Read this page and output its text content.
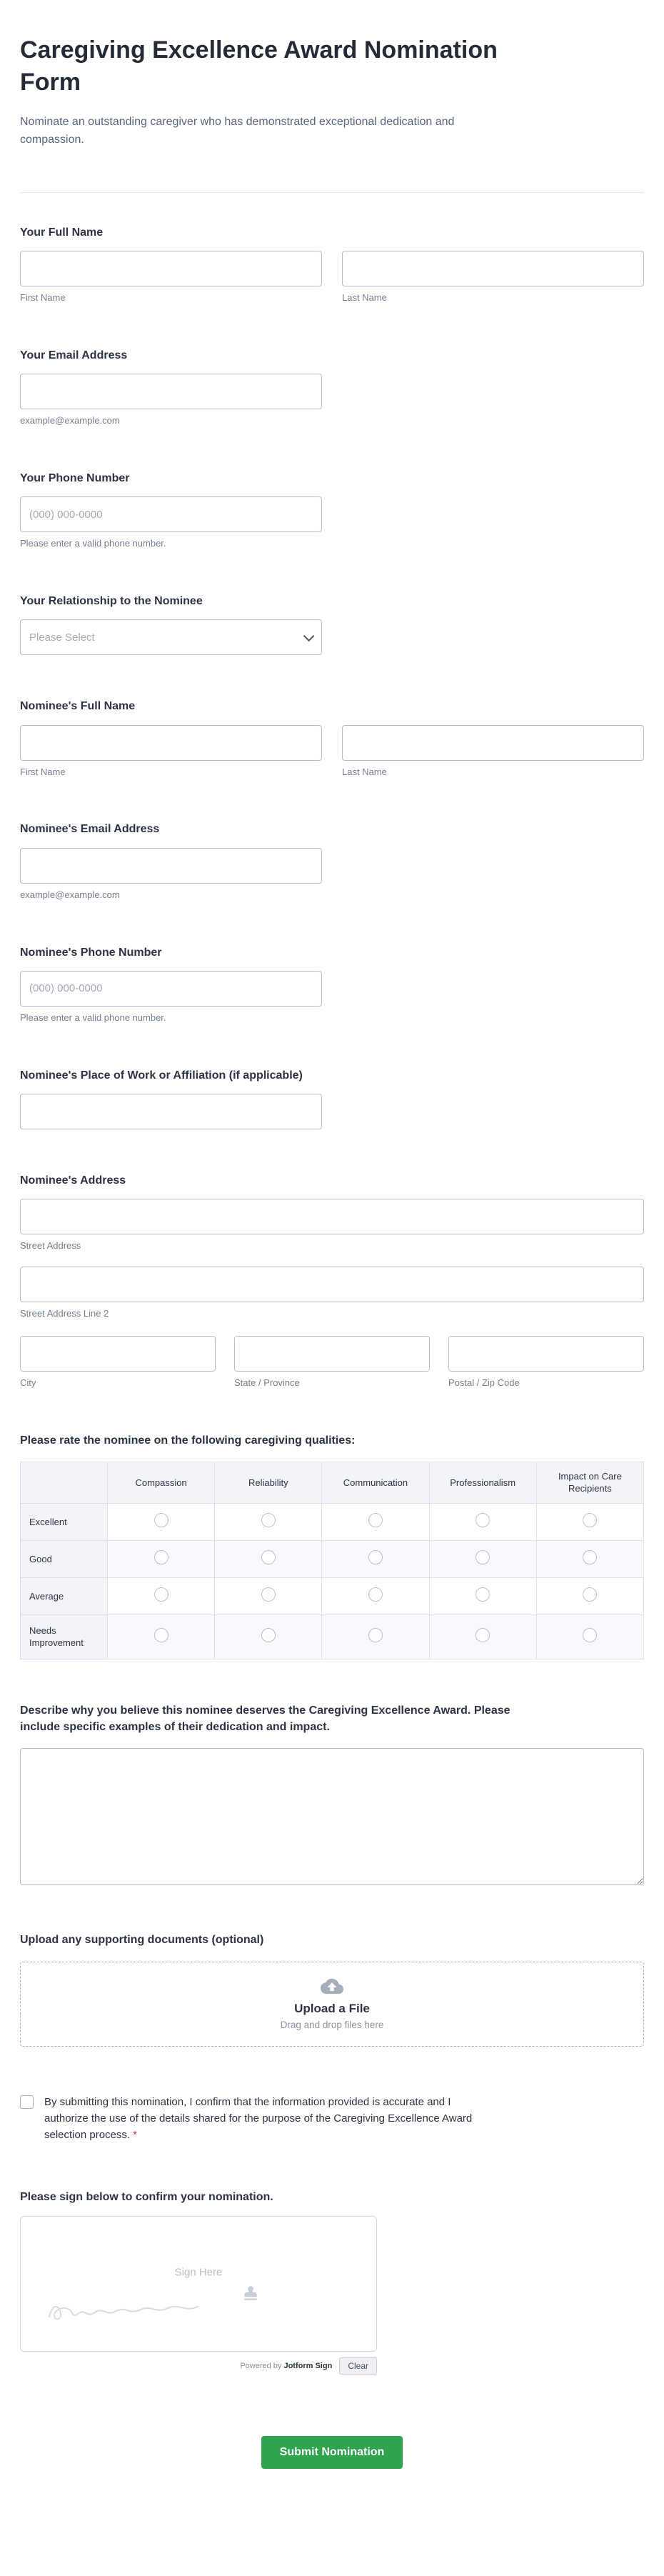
Caregiving Excellence Award Nomination Form
Nominate an outstanding caregiver who has demonstrated exceptional dedication and compassion.
Your Full Name
First Name	Last Name
Your Email Address
example@example.com
Your Phone Number
(000) 000-0000
Please enter a valid phone number.
Your Relationship to the Nominee
Please Select
Nominee's Full Name
First Name	Last Name
Nominee's Email Address
example@example.com
Nominee's Phone Number
(000) 000-0000
Please enter a valid phone number.
Nominee's Place of Work or Affiliation (if applicable)
Nominee's Address
Street Address
Street Address Line 2
City	State / Province	Postal / Zip Code
Please rate the nominee on the following caregiving qualities:
	Compassion	Reliability	Communication	Professionalism	Impact on Care Recipients
Excellent					
Good					
Average					
Needs Improvement					
Describe why you believe this nominee deserves the Caregiving Excellence Award. Please include specific examples of their dedication and impact.
Upload any supporting documents (optional)
Upload a File
Drag and drop files here
By submitting this nomination, I confirm that the information provided is accurate and I authorize the use of the details shared for the purpose of the Caregiving Excellence Award selection process. *
Please sign below to confirm your nomination.
Sign Here
Powered by Jotform Sign	Clear
Submit Nomination
